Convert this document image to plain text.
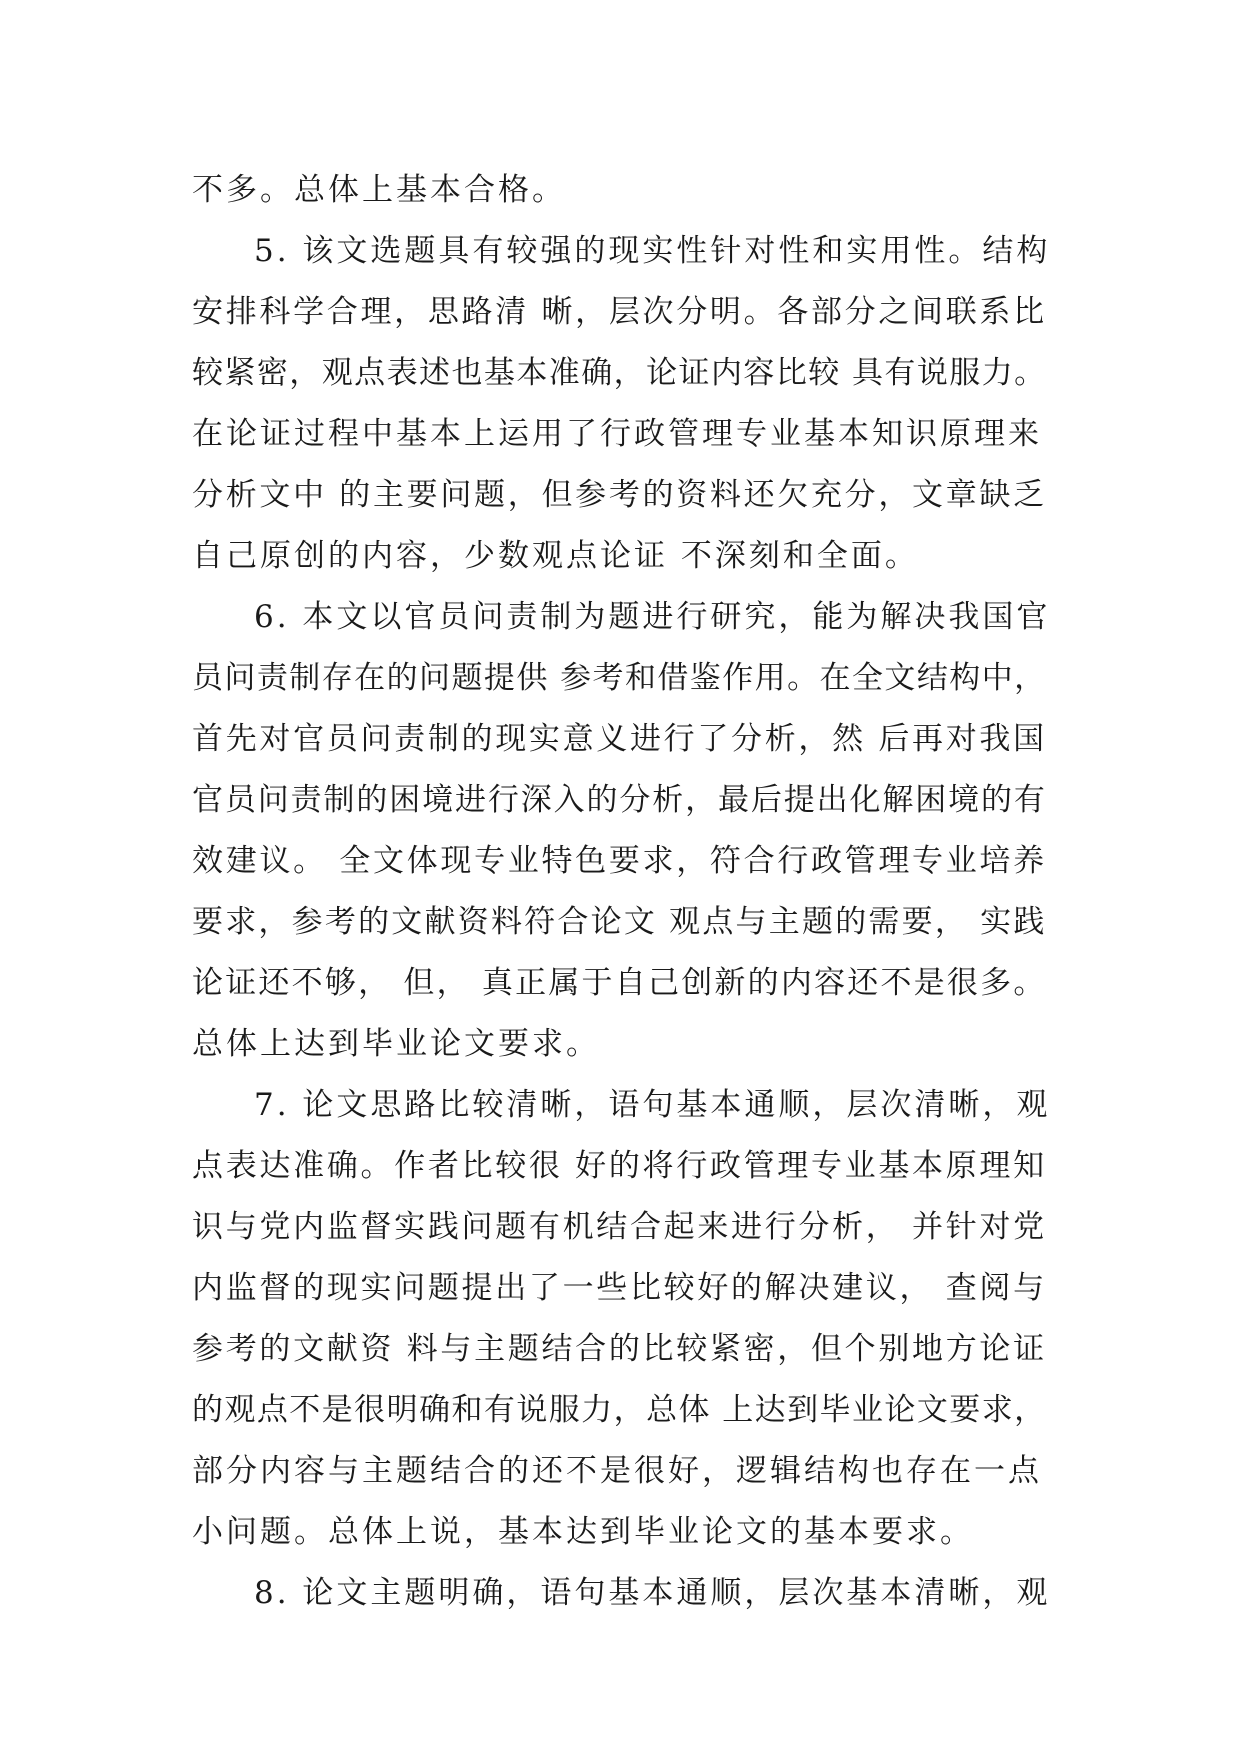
不多。总体上基本合格。
5. 该文选题具有较强的现实性针对性和实用性。结构
安排科学合理，思路清 晰，层次分明。各部分之间联系比
较紧密，观点表述也基本准确，论证内容比较 具有说服力。
在论证过程中基本上运用了行政管理专业基本知识原理来
分析文中 的主要问题，但参考的资料还欠充分，文章缺乏
自己原创的内容，少数观点论证 不深刻和全面。
6. 本文以官员问责制为题进行研究，能为解决我国官
员问责制存在的问题提供 参考和借鉴作用。在全文结构中，
首先对官员问责制的现实意义进行了分析，然 后再对我国
官员问责制的困境进行深入的分析，最后提出化解困境的有
效建议。 全文体现专业特色要求，符合行政管理专业培养
要求，参考的文献资料符合论文 观点与主题的需要， 实践
论证还不够， 但， 真正属于自己创新的内容还不是很多。
总体上达到毕业论文要求。
7. 论文思路比较清晰，语句基本通顺，层次清晰，观
点表达准确。作者比较很 好的将行政管理专业基本原理知
识与党内监督实践问题有机结合起来进行分析， 并针对党
内监督的现实问题提出了一些比较好的解决建议， 查阅与
参考的文献资 料与主题结合的比较紧密，但个别地方论证
的观点不是很明确和有说服力，总体 上达到毕业论文要求，
部分内容与主题结合的还不是很好，逻辑结构也存在一点
小问题。总体上说，基本达到毕业论文的基本要求。
8. 论文主题明确，语句基本通顺，层次基本清晰，观
